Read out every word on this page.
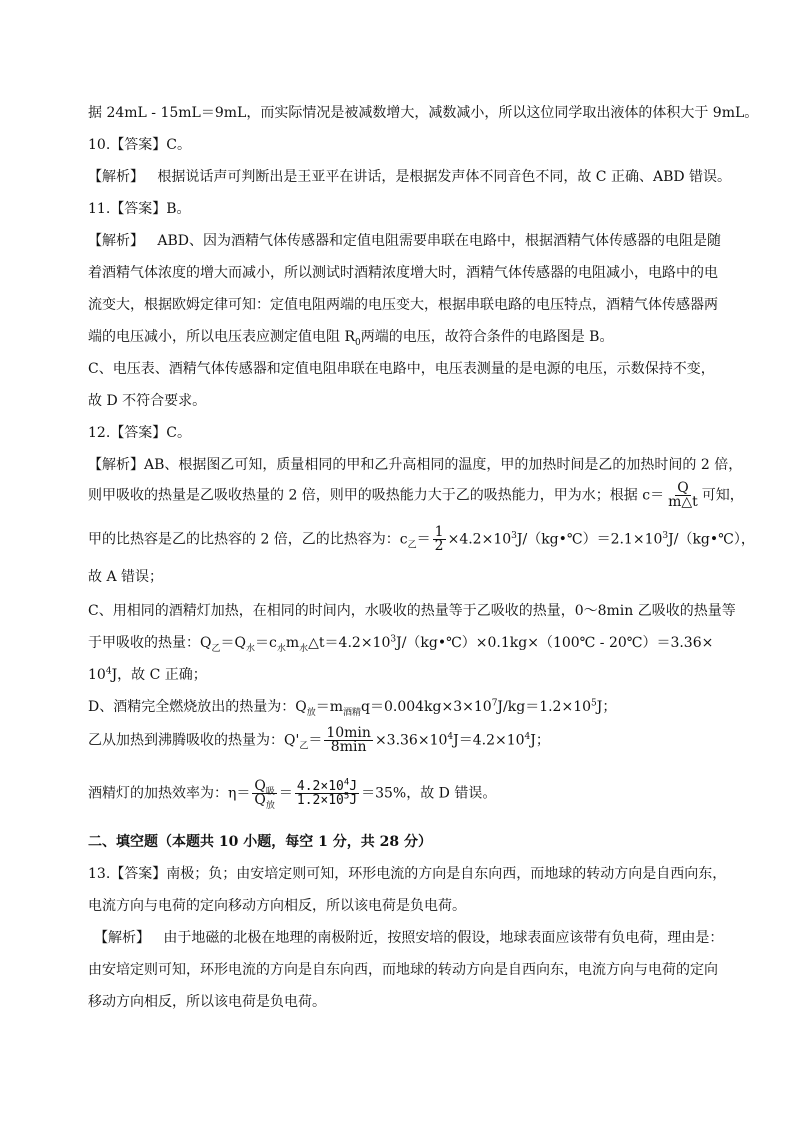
据 24mL - 15mL＝9mL，而实际情况是被减数增大，减数减小，所以这位同学取出液体的体积大于 9mL。
10.【答案】C。
【解析】 根据说话声可判断出是王亚平在讲话，是根据发声体不同音色不同，故 C 正确、ABD 错误。
11.【答案】B。
【解析】 ABD、因为酒精气体传感器和定值电阻需要串联在电路中，根据酒精气体传感器的电阻是随
着酒精气体浓度的增大而减小，所以测试时酒精浓度增大时，酒精气体传感器的电阻减小，电路中的电
流变大，根据欧姆定律可知：定值电阻两端的电压变大，根据串联电路的电压特点，酒精气体传感器两
端的电压减小，所以电压表应测定值电阻 $R_0$两端的电压，故符合条件的电路图是 B。
C、电压表、酒精气体传感器和定值电阻串联在电路中，电压表测量的是电源的电压，示数保持不变，
故 D 不符合要求。
12.【答案】C。
【解析】AB、根据图乙可知，质量相同的甲和乙升高相同的温度，甲的加热时间是乙的加热时间的 2 倍，
则甲吸收的热量是乙吸收热量的 2 倍，则甲的吸热能力大于乙的吸热能力，甲为水；根据 $c= \frac{Q}{m\triangle t}$ 可知，
甲的比热容是乙的比热容的 2 倍，乙的比热容为：$c_乙= \frac{1}{2}$ $\times 4.2\times 10^3J/(kg•℃)=2.1\times 10^3J/(kg•℃)$，
故 A 错误；
C、用相同的酒精灯加热，在相同的时间内，水吸收的热量等于乙吸收的热量，0～8min 乙吸收的热量等
于甲吸收的热量：$Q_乙=Q_水=c_水m_水\triangle t=4.2\times 10^3J/(kg•℃)\times 0.1kg\times(100℃$ - 20℃）＝3.36×
$10^4J$，故 C 正确；
D、酒精完全燃烧放出的热量为：$Q_放=m_{酒精}q=0.004kg\times 3\times 10^7J/kg=1.2\times 10^5J$；
乙从加热到沸腾吸收的热量为：$Q'_乙= \frac{10\min}{8\min} \times 3.36\times 10^4J=4.2\times 10^4J$；
酒精灯的加热效率为：$\eta= \frac{Q_吸}{Q_放} = \frac{4.2\times 10^4J}{1.2\times 10^5J} =35\%$，故 D 错误。
二、填空题（本题共 10 小题，每空 1 分，共 28 分）
13.【答案】南极；负；由安培定则可知，环形电流的方向是自东向西，而地球的转动方向是自西向东，
电流方向与电荷的定向移动方向相反，所以该电荷是负电荷。
【解析】 由于地磁的北极在地理的南极附近，按照安培的假设，地球表面应该带有负电荷，理由是：
由安培定则可知，环形电流的方向是自东向西，而地球的转动方向是自西向东，电流方向与电荷的定向
移动方向相反，所以该电荷是负电荷。
